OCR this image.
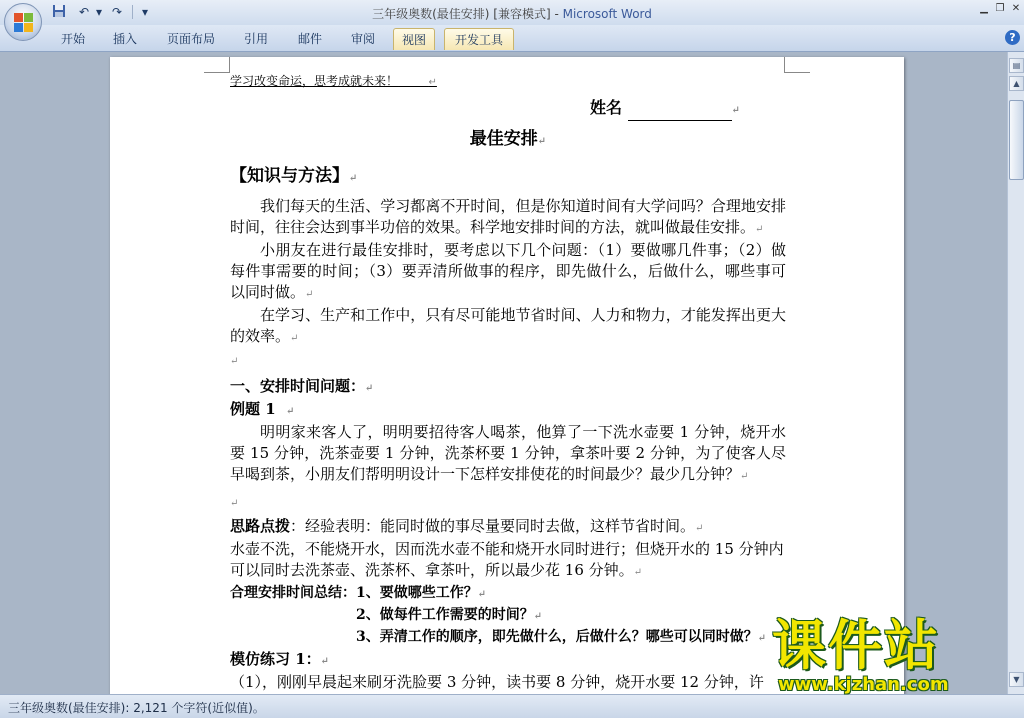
↶ ▾ ↷	▾	三年级奥数(最佳安排) [兼容模式] - Microsoft Word	▁ ❐ ✕
开始	插入	页面布局	引用	邮件	审阅	视图	开发工具	?
学习改变命运，思考成就未来！	↵
姓名	↵
最佳安排↵
【知识与方法】↵
我们每天的生活、学习都离不开时间，但是你知道时间有大学问吗？合理地安排时间，往往会达到事半功倍的效果。科学地安排时间的方法，就叫做最佳安排。↵
小朋友在进行最佳安排时，要考虑以下几个问题：（1）要做哪几件事；（2）做每件事需要的时间；（3）要弄清所做事的程序，即先做什么，后做什么，哪些事可以同时做。↵
在学习、生产和工作中，只有尽可能地节省时间、人力和物力，才能发挥出更大的效率。↵
↵
一、安排时间问题：↵
例题 1 ↵
明明家来客人了，明明要招待客人喝茶，他算了一下洗水壶要 1 分钟，烧开水要 15 分钟，洗茶壶要 1 分钟，洗茶杯要 1 分钟，拿茶叶要 2 分钟，为了使客人尽早喝到茶，小朋友们帮明明设计一下怎样安排使花的时间最少？最少几分钟？↵
↵
思路点拨：经验表明：能同时做的事尽量要同时去做，这样节省时间。↵
水壶不洗，不能烧开水，因而洗水壶不能和烧开水同时进行；但烧开水的 15 分钟内可以同时去洗茶壶、洗茶杯、拿茶叶，所以最少花 16 分钟。↵
合理安排时间总结：1、要做哪些工作？↵
2、做每件工作需要的时间？↵
3、弄清工作的顺序，即先做什么，后做什么？哪些可以同时做？↵
模仿练习 1：↵
（1），刚刚早晨起来刷牙洗脸要 3 分钟，读书要 8 分钟，烧开水要 12 分钟，许
▤
▲
▼
三年级奥数(最佳安排): 2,121 个字符(近似值)。
课件站
www.kjzhan.com
